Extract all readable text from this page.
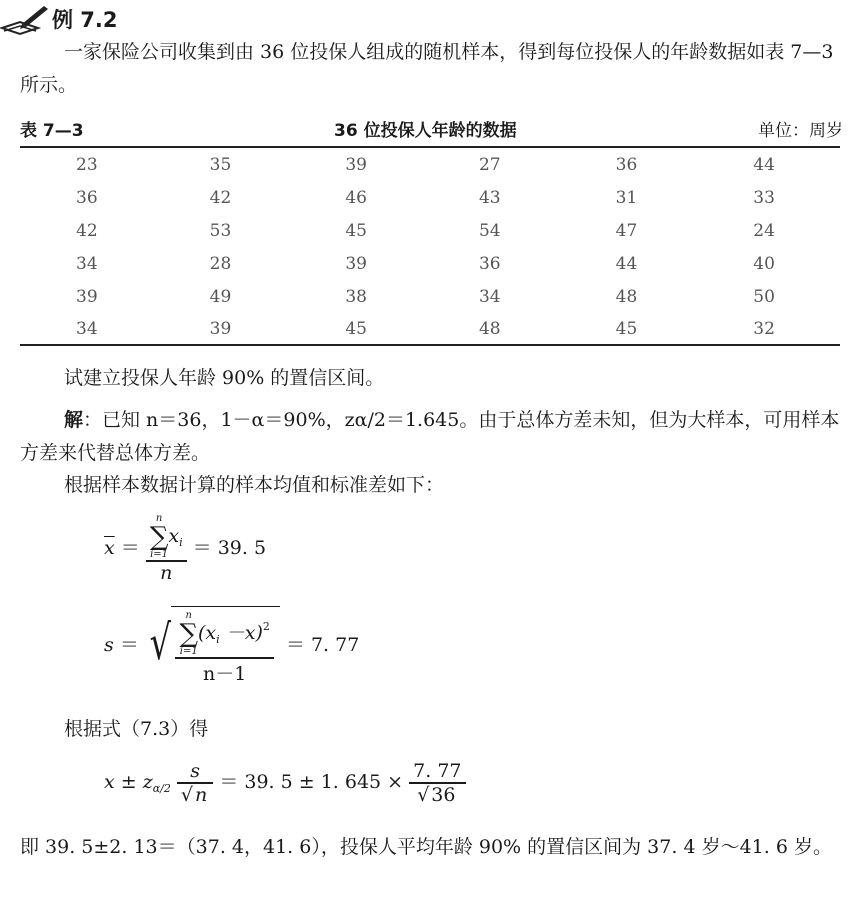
例 7.2
一家保险公司收集到由 36 位投保人组成的随机样本，得到每位投保人的年龄数据如表 7—3 所示。
表 7—3	36 位投保人年龄的数据	单位：周岁
23	35	39	27	36	44
36	42	46	43	31	33
42	53	45	54	47	24
34	28	39	36	44	40
39	49	38	34	48	50
34	39	45	48	45	32
试建立投保人年龄 90% 的置信区间。
解：已知 n＝36，1－α＝90%，zα/2＝1.645。由于总体方差未知，但为大样本，可用样本方差来代替总体方差。
根据样本数据计算的样本均值和标准差如下：
$\overline{x} = n$
∑
i=1
$x_i$
n ＝ 39. 5
s ＝ √ n
∑
i=1
$(x_i -x)^2$
n－1 ＝ 7. 77
根据式（7.3）得
$x \pm z_{\alpha/2} \frac{s}{√ n} = 39$. 5 ± 1. $645 \times \frac{7. 77}{√ 36}$
即 39. 5±2. 13＝（37. 4，41. 6），投保人平均年龄 90% 的置信区间为 37. 4 岁～41. 6 岁。
